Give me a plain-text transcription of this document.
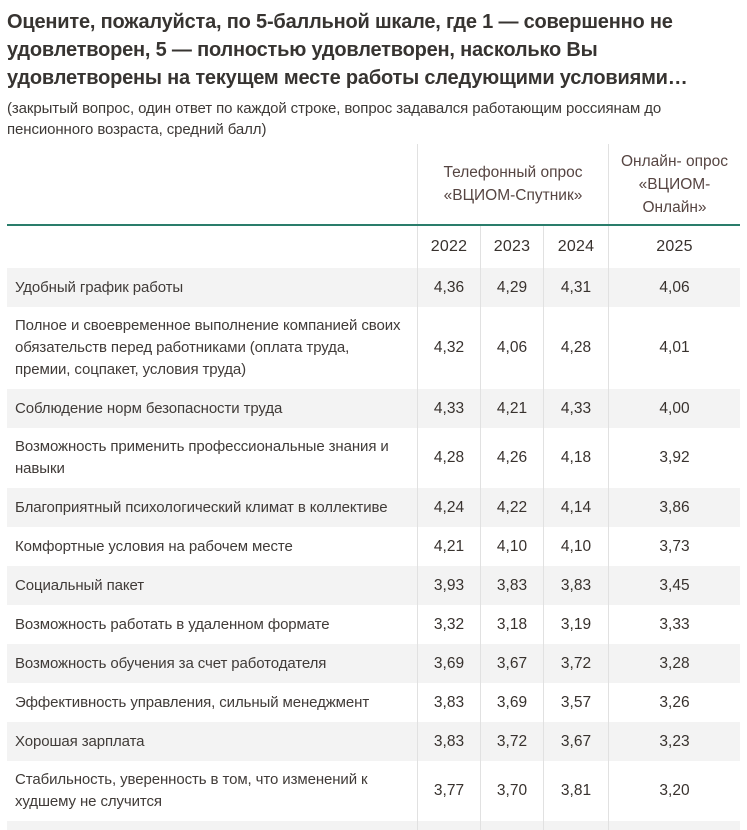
Оцените, пожалуйста, по 5-балльной шкале, где 1 — совершенно не удовлетворен, 5 — полностью удовлетворен, насколько Вы удовлетворены на текущем месте работы следующими условиями…
(закрытый вопрос, один ответ по каждой строке, вопрос задавался работающим россиянам до пенсионного возраста, средний балл)
Телефонный опрос «ВЦИОМ-Спутник»
Онлайн- опрос «ВЦИОМ-Онлайн»
2022	2023	2024	2025
Удобный график работы	4,36	4,29	4,31	4,06
Полное и своевременное выполнение компанией своих обязательств перед работниками (оплата труда, премии, соцпакет, условия труда)
4,32	4,06	4,28	4,01
Соблюдение норм безопасности труда	4,33	4,21	4,33	4,00
Возможность применить профессиональные знания и навыки
4,28	4,26	4,18	3,92
Благоприятный психологический климат в коллективе	4,24	4,22	4,14	3,86
Комфортные условия на рабочем месте	4,21	4,10	4,10	3,73
Социальный пакет	3,93	3,83	3,83	3,45
Возможность работать в удаленном формате	3,32	3,18	3,19	3,33
Возможность обучения за счет работодателя	3,69	3,67	3,72	3,28
Эффективность управления, сильный менеджмент	3,83	3,69	3,57	3,26
Хорошая зарплата	3,83	3,72	3,67	3,23
Стабильность, уверенность в том, что изменений к худшему не случится
3,77	3,70	3,81	3,20
